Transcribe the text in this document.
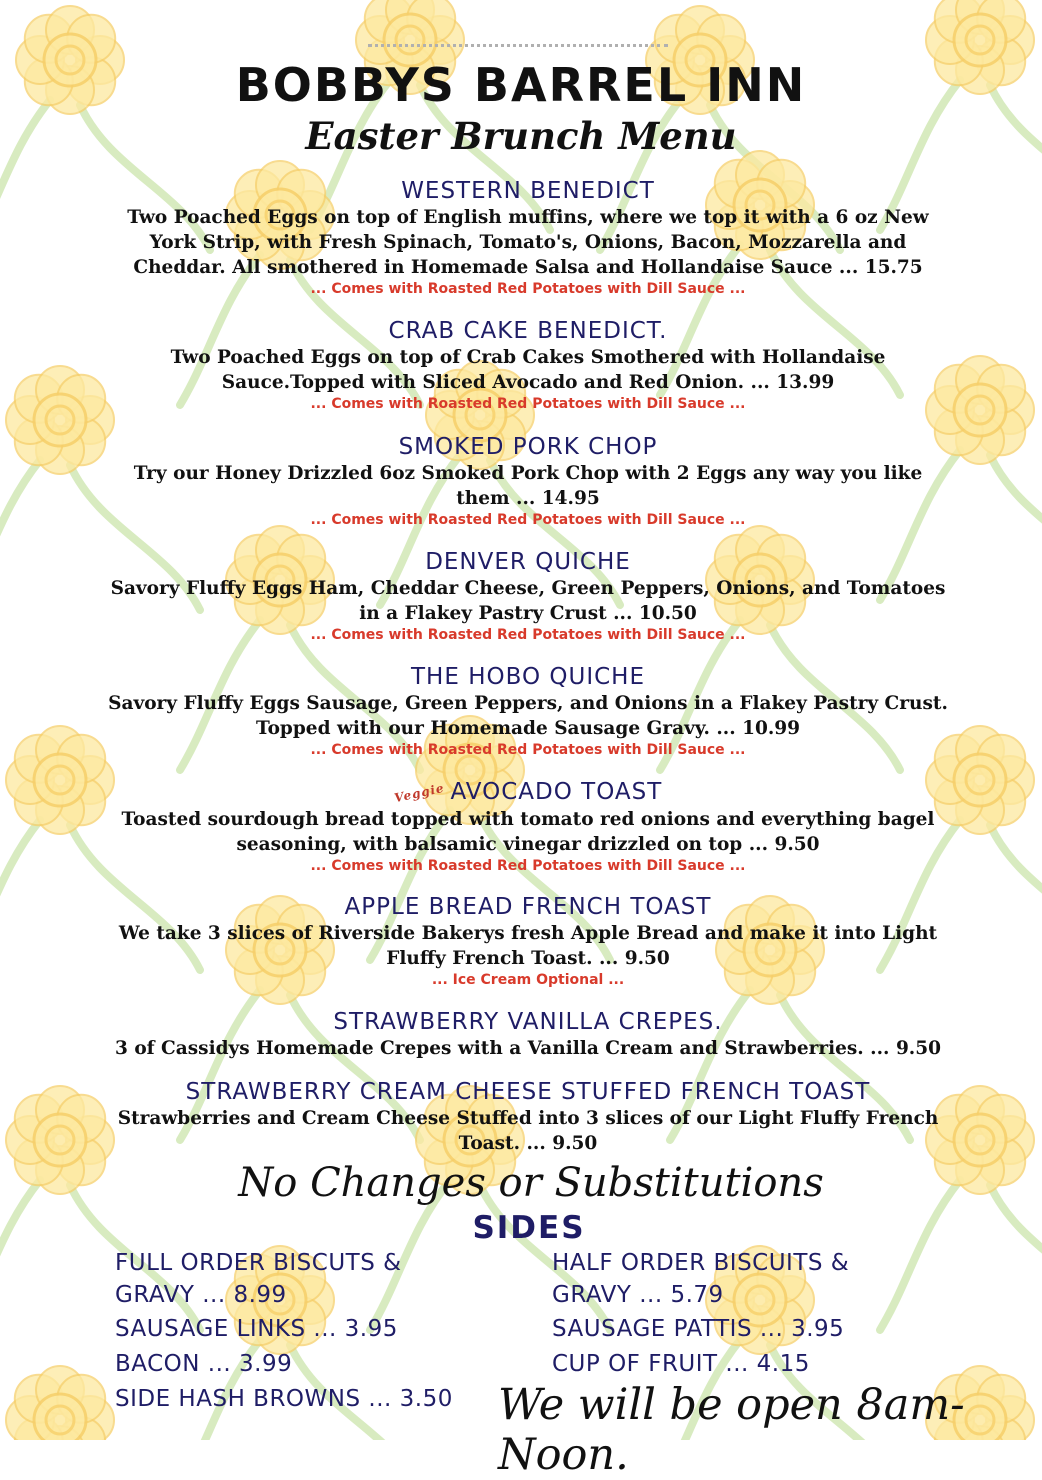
BOBBYS BARREL INN
Easter Brunch Menu
WESTERN BENEDICT
Two Poached Eggs on top of English muffins, where we top it with a 6 oz New
York Strip, with Fresh Spinach, Tomato's, Onions, Bacon, Mozzarella and
Cheddar. All smothered in Homemade Salsa and Hollandaise Sauce ... 15.75
... Comes with Roasted Red Potatoes with Dill Sauce ...
CRAB CAKE BENEDICT.
Two Poached Eggs on top of Crab Cakes Smothered with Hollandaise
Sauce.Topped with Sliced Avocado and Red Onion. ... 13.99
... Comes with Roasted Red Potatoes with Dill Sauce ...
SMOKED PORK CHOP
Try our Honey Drizzled 6oz Smoked Pork Chop with 2 Eggs any way you like
them ... 14.95
... Comes with Roasted Red Potatoes with Dill Sauce ...
DENVER QUICHE
Savory Fluffy Eggs Ham, Cheddar Cheese, Green Peppers, Onions, and Tomatoes
in a Flakey Pastry Crust ... 10.50
... Comes with Roasted Red Potatoes with Dill Sauce ...
THE HOBO QUICHE
Savory Fluffy Eggs Sausage, Green Peppers, and Onions in a Flakey Pastry Crust.
Topped with our Homemade Sausage Gravy. ... 10.99
... Comes with Roasted Red Potatoes with Dill Sauce ...
Veggie AVOCADO TOAST
Toasted sourdough bread topped with tomato red onions and everything bagel
seasoning, with balsamic vinegar drizzled on top ... 9.50
... Comes with Roasted Red Potatoes with Dill Sauce ...
APPLE BREAD FRENCH TOAST
We take 3 slices of Riverside Bakerys fresh Apple Bread and make it into Light
Fluffy French Toast. ... 9.50
... Ice Cream Optional ...
STRAWBERRY VANILLA CREPES.
3 of Cassidys Homemade Crepes with a Vanilla Cream and Strawberries. ... 9.50
STRAWBERRY CREAM CHEESE STUFFED FRENCH TOAST
Strawberries and Cream Cheese Stuffed into 3 slices of our Light Fluffy French
Toast. ... 9.50
No Changes or Substitutions
SIDES
FULL ORDER BISCUTS &
GRAVY ... 8.99
SAUSAGE LINKS ... 3.95
BACON ... 3.99
SIDE HASH BROWNS ... 3.50
HALF ORDER BISCUITS &
GRAVY ... 5.79
SAUSAGE PATTIS ... 3.95
CUP OF FRUIT ... 4.15
We will be open 8am-Noon.
